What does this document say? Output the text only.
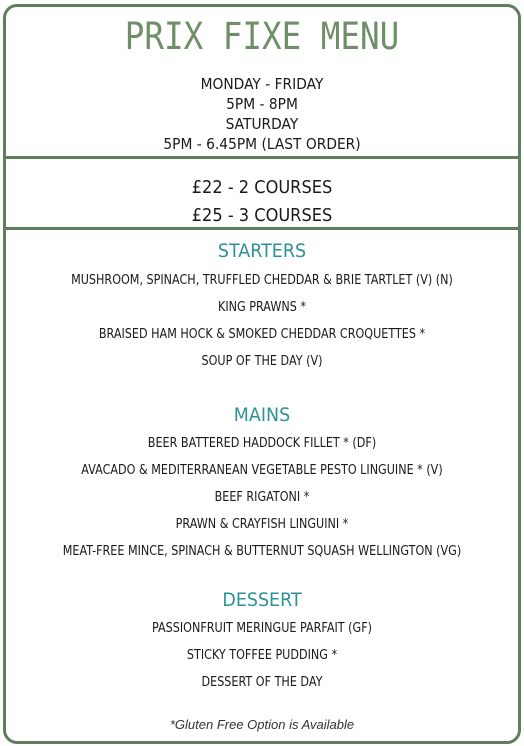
PRIX FIXE MENU
MONDAY - FRIDAY
5PM - 8PM
SATURDAY
5PM - 6.45PM (LAST ORDER)
£22 - 2 COURSES
£25 - 3 COURSES
STARTERS
MUSHROOM, SPINACH, TRUFFLED CHEDDAR & BRIE TARTLET (V) (N)
KING PRAWNS *
BRAISED HAM HOCK & SMOKED CHEDDAR CROQUETTES *
SOUP OF THE DAY (V)
MAINS
BEER BATTERED HADDOCK FILLET * (DF)
AVACADO & MEDITERRANEAN VEGETABLE PESTO LINGUINE * (V)
BEEF RIGATONI *
PRAWN & CRAYFISH LINGUINI *
MEAT-FREE MINCE, SPINACH & BUTTERNUT SQUASH WELLINGTON (VG)
DESSERT
PASSIONFRUIT MERINGUE PARFAIT (GF)
STICKY TOFFEE PUDDING *
DESSERT OF THE DAY
*Gluten Free Option is Available
